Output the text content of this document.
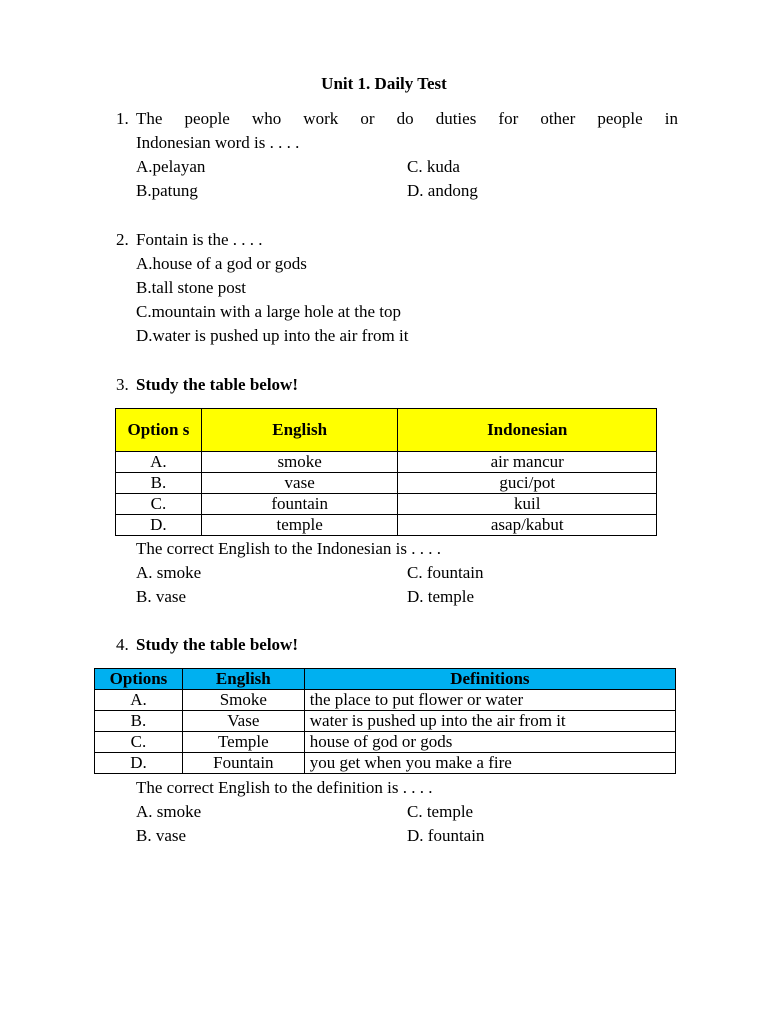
Unit 1. Daily Test
1. The people who work or do duties for other people in
Indonesian word is . . . .
A.pelayan	C. kuda
B.patung	D. andong
2. Fontain is the . . . .
A.house of a god or gods
B.tall stone post
C.mountain with a large hole at the top
D.water is pushed up into the air from it
3. Study the table below!
Option s	English	Indonesian
A.	smoke	air mancur
B.	vase	guci/pot
C.	fountain	kuil
D.	temple	asap/kabut
The correct English to the Indonesian is . . . .
A. smoke	C. fountain
B. vase	D. temple
4. Study the table below!
Options	English	Definitions
A.	Smoke	the place to put flower or water
B.	Vase	water is pushed up into the air from it
C.	Temple	house of god or gods
D.	Fountain	you get when you make a fire
The correct English to the definition is . . . .
A. smoke	C. temple
B. vase	D. fountain
